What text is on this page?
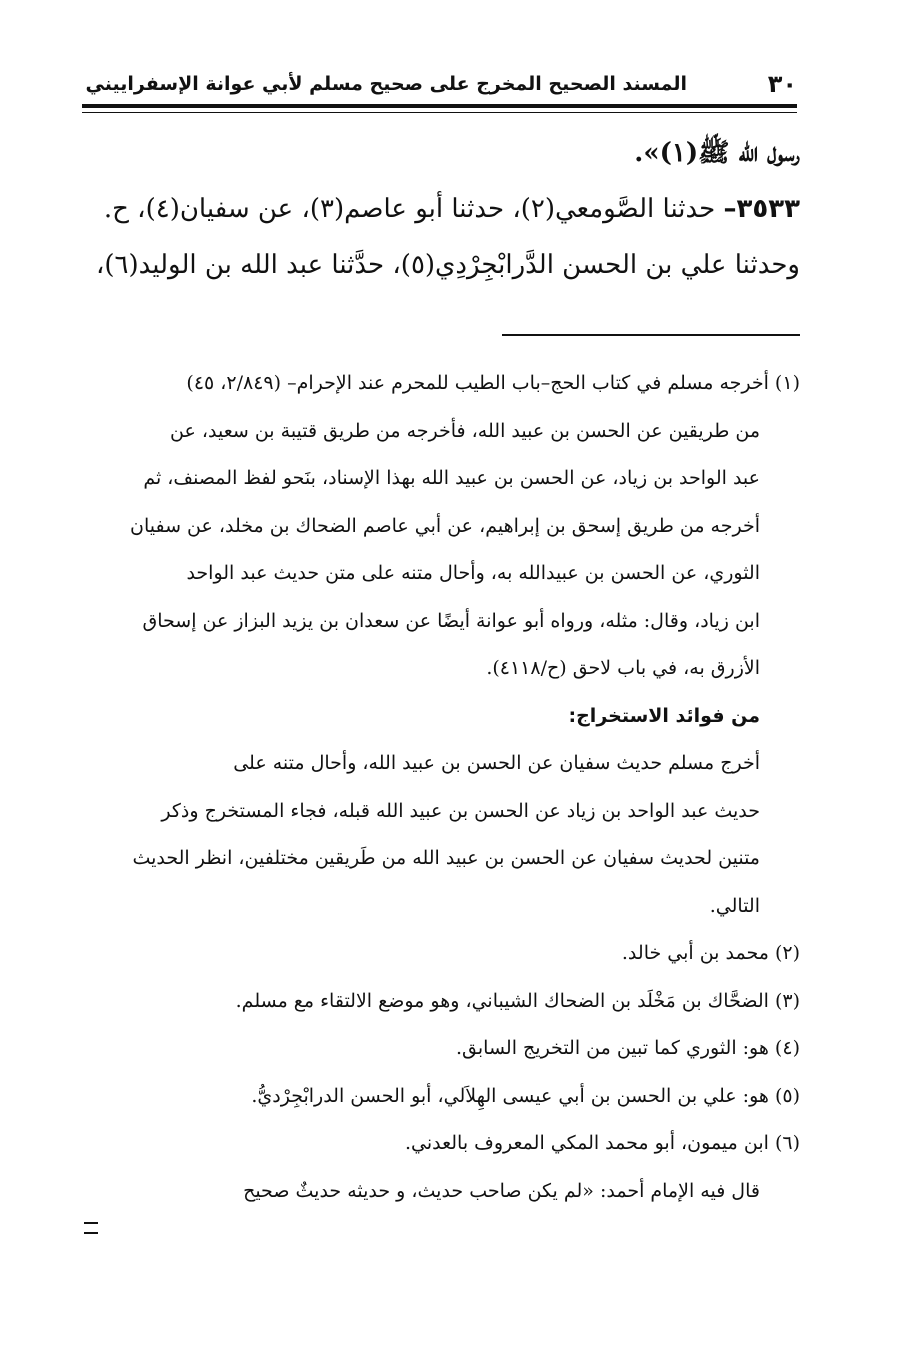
٣٠
المسند الصحيح المخرج على صحيح مسلم لأبي عوانة الإسفراييني
رسول الله ﷺ(١)».
٣٥٣٣– حدثنا الصَّومعي(٢)، حدثنا أبو عاصم(٣)، عن سفيان(٤)، ح.
وحدثنا علي بن الحسن الدَّرابْجِرْدِي(٥)، حدَّثنا عبد الله بن الوليد(٦)،
(١) أخرجه مسلم في كتاب الحج–باب الطيب للمحرم عند الإحرام– (٢/٨٤٩، ٤٥)
من طريقين عن الحسن بن عبيد الله، فأخرجه من طريق قتيبة بن سعيد، عن
عبد الواحد بن زياد، عن الحسن بن عبيد الله بهذا الإسناد، بنَحو لفظ المصنف، ثم
أخرجه من طريق إسحق بن إبراهيم، عن أبي عاصم الضحاك بن مخلد، عن سفيان
الثوري، عن الحسن بن عبيدالله به، وأحال متنه على متن حديث عبد الواحد
ابن زياد، وقال: مثله، ورواه أبو عوانة أيضًا عن سعدان بن يزيد البزاز عن إسحاق
الأزرق به، في باب لاحق (ح/٤١١٨).
من فوائد الاستخراج:
أخرج مسلم حديث سفيان عن الحسن بن عبيد الله، وأحال متنه على
حديث عبد الواحد بن زياد عن الحسن بن عبيد الله قبله، فجاء المستخرج وذكر
متنين لحديث سفيان عن الحسن بن عبيد الله من طَريقين مختلفين، انظر الحديث
التالي.
(٢) محمد بن أبي خالد.
(٣) الضحَّاك بن مَخْلَد بن الضحاك الشيباني، وهو موضع الالتقاء مع مسلم.
(٤) هو: الثوري كما تبين من التخريج السابق.
(٥) هو: علي بن الحسن بن أبي عيسى الهِلاَلي، أبو الحسن الدرابْجِرْديُّ.
(٦) ابن ميمون، أبو محمد المكي المعروف بالعدني.
قال فيه الإمام أحمد: «لم يكن صاحب حديث، و حديثه حديثٌ صحيح
